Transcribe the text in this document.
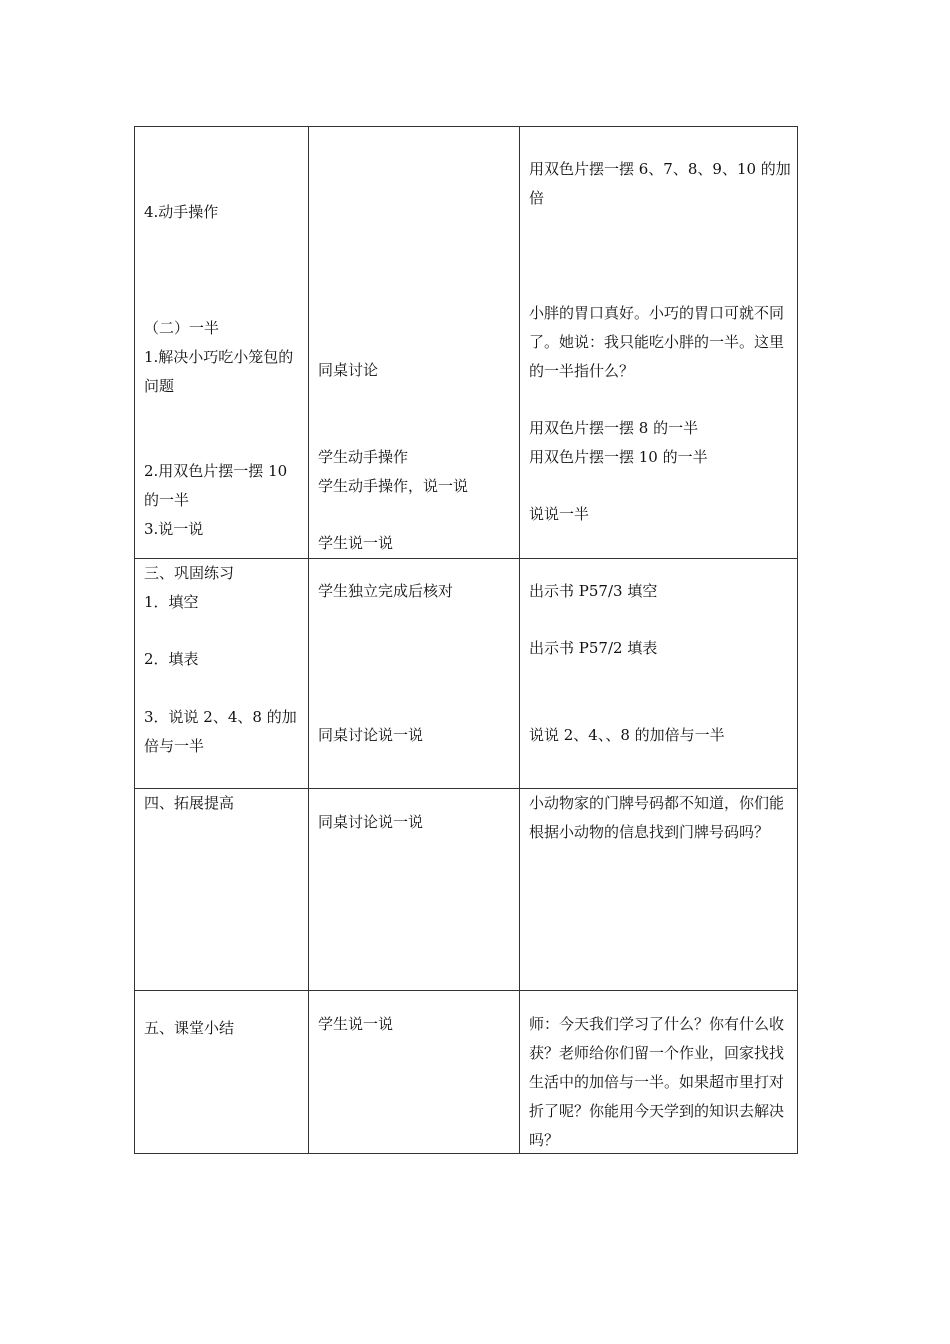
4.动手操作
（二）一半
1.解决小巧吃小笼包的问题
2.用双色片摆一摆 10 的一半
3.说一说
同桌讨论
学生动手操作
学生动手操作，说一说
学生说一说
用双色片摆一摆 6、7、8、9、10 的加倍
小胖的胃口真好。小巧的胃口可就不同了。她说：我只能吃小胖的一半。这里的一半指什么？
用双色片摆一摆 8 的一半
用双色片摆一摆 10 的一半
说说一半
三、巩固练习
1．填空
2．填表
3．说说 2、4、8 的加倍与一半
学生独立完成后核对
同桌讨论说一说
出示书 P57/3 填空
出示书 P57/2 填表
说说 2、4、、8 的加倍与一半
四、拓展提高
同桌讨论说一说
小动物家的门牌号码都不知道，你们能根据小动物的信息找到门牌号码吗？
五、课堂小结	学生说一说	师：今天我们学习了什么？你有什么收获？老师给你们留一个作业，回家找找生活中的加倍与一半。如果超市里打对折了呢？你能用今天学到的知识去解决吗？
